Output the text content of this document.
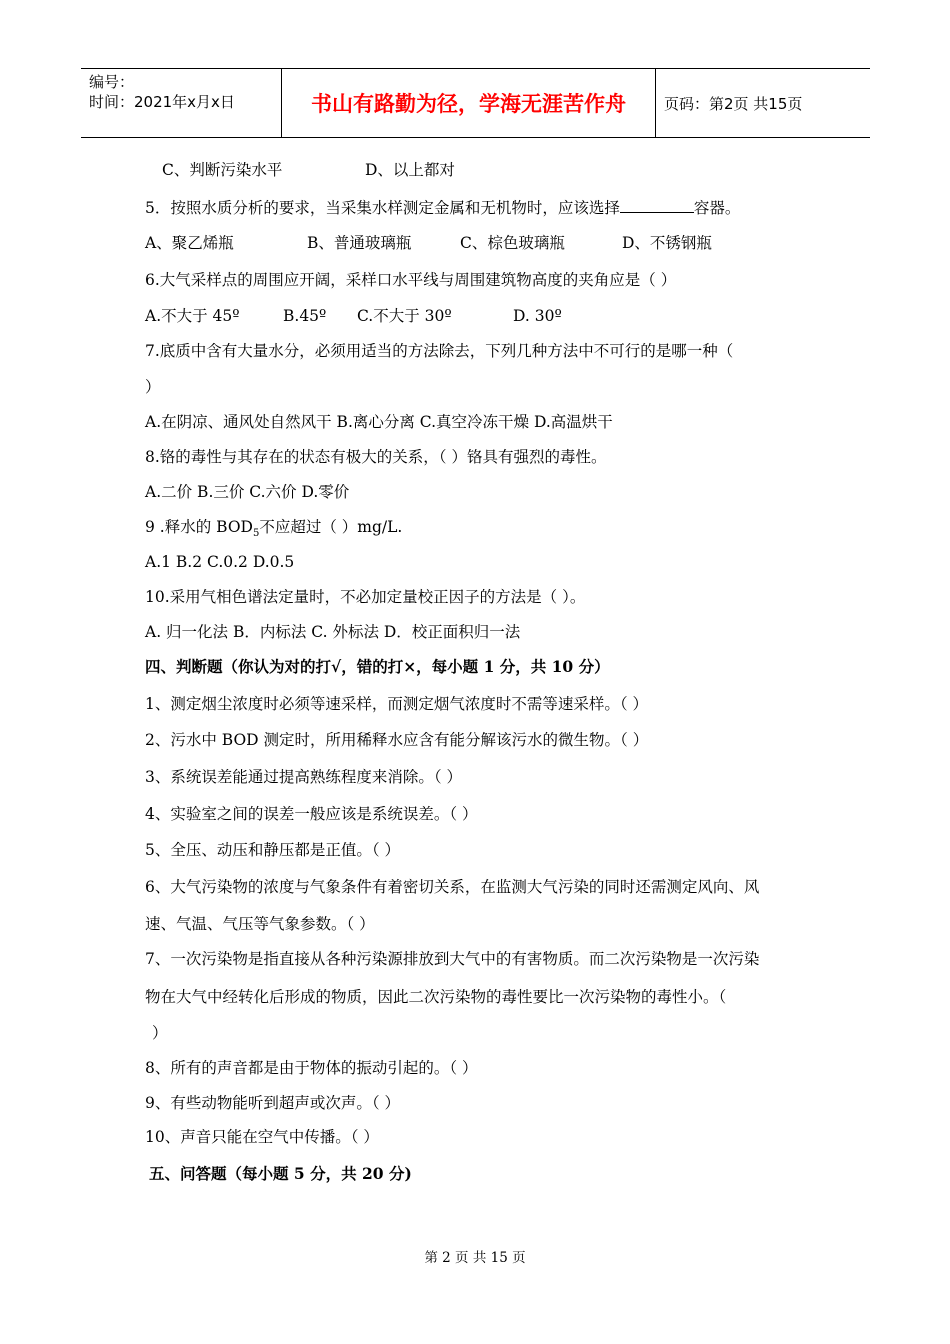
编号：
时间：2021年x月x日	书山有路勤为径，学海无涯苦作舟	页码：第2页 共15页
C、判断污染水平	D、以上都对
5．按照水质分析的要求，当采集水样测定金属和无机物时，应该选择	容器。
A、聚乙烯瓶	B、普通玻璃瓶	C、棕色玻璃瓶	D、不锈钢瓶
6.大气采样点的周围应开阔，采样口水平线与周围建筑物高度的夹角应是（ ）
A.不大于 45º	B.45º C.不大于 30º	D. 30º
7.底质中含有大量水分，必须用适当的方法除去，下列几种方法中不可行的是哪一种（
）
A.在阴凉、通风处自然风干 B.离心分离 C.真空冷冻干燥 D.高温烘干
8.铬的毒性与其存在的状态有极大的关系，（ ）铬具有强烈的毒性。
A.二价 B.三价 C.六价 D.零价
9 .释水的 $BOD_5$不应超过（ ）mg/L.
A.1 B.2 C.0.2 D.0.5
10.采用气相色谱法定量时，不必加定量校正因子的方法是（ ）。
A. 归一化法 B．内标法 C. 外标法 D．校正面积归一法
四、判断题（你认为对的打√，错的打×，每小题 1 分，共 10 分）
1、测定烟尘浓度时必须等速采样，而测定烟气浓度时不需等速采样。（ ）
2、污水中 BOD 测定时，所用稀释水应含有能分解该污水的微生物。（ ）
3、系统误差能通过提高熟练程度来消除。（ ）
4、实验室之间的误差一般应该是系统误差。（ ）
5、全压、动压和静压都是正值。（ ）
6、大气污染物的浓度与气象条件有着密切关系，在监测大气污染的同时还需测定风向、风
速、气温、气压等气象参数。（ ）
7、一次污染物是指直接从各种污染源排放到大气中的有害物质。而二次污染物是一次污染
物在大气中经转化后形成的物质，因此二次污染物的毒性要比一次污染物的毒性小。（
）
8、所有的声音都是由于物体的振动引起的。（ ）
9、有些动物能听到超声或次声。（ ）
10、声音只能在空气中传播。（ ）
五、问答题（每小题 5 分，共 20 分)
第 2 页 共 15 页
